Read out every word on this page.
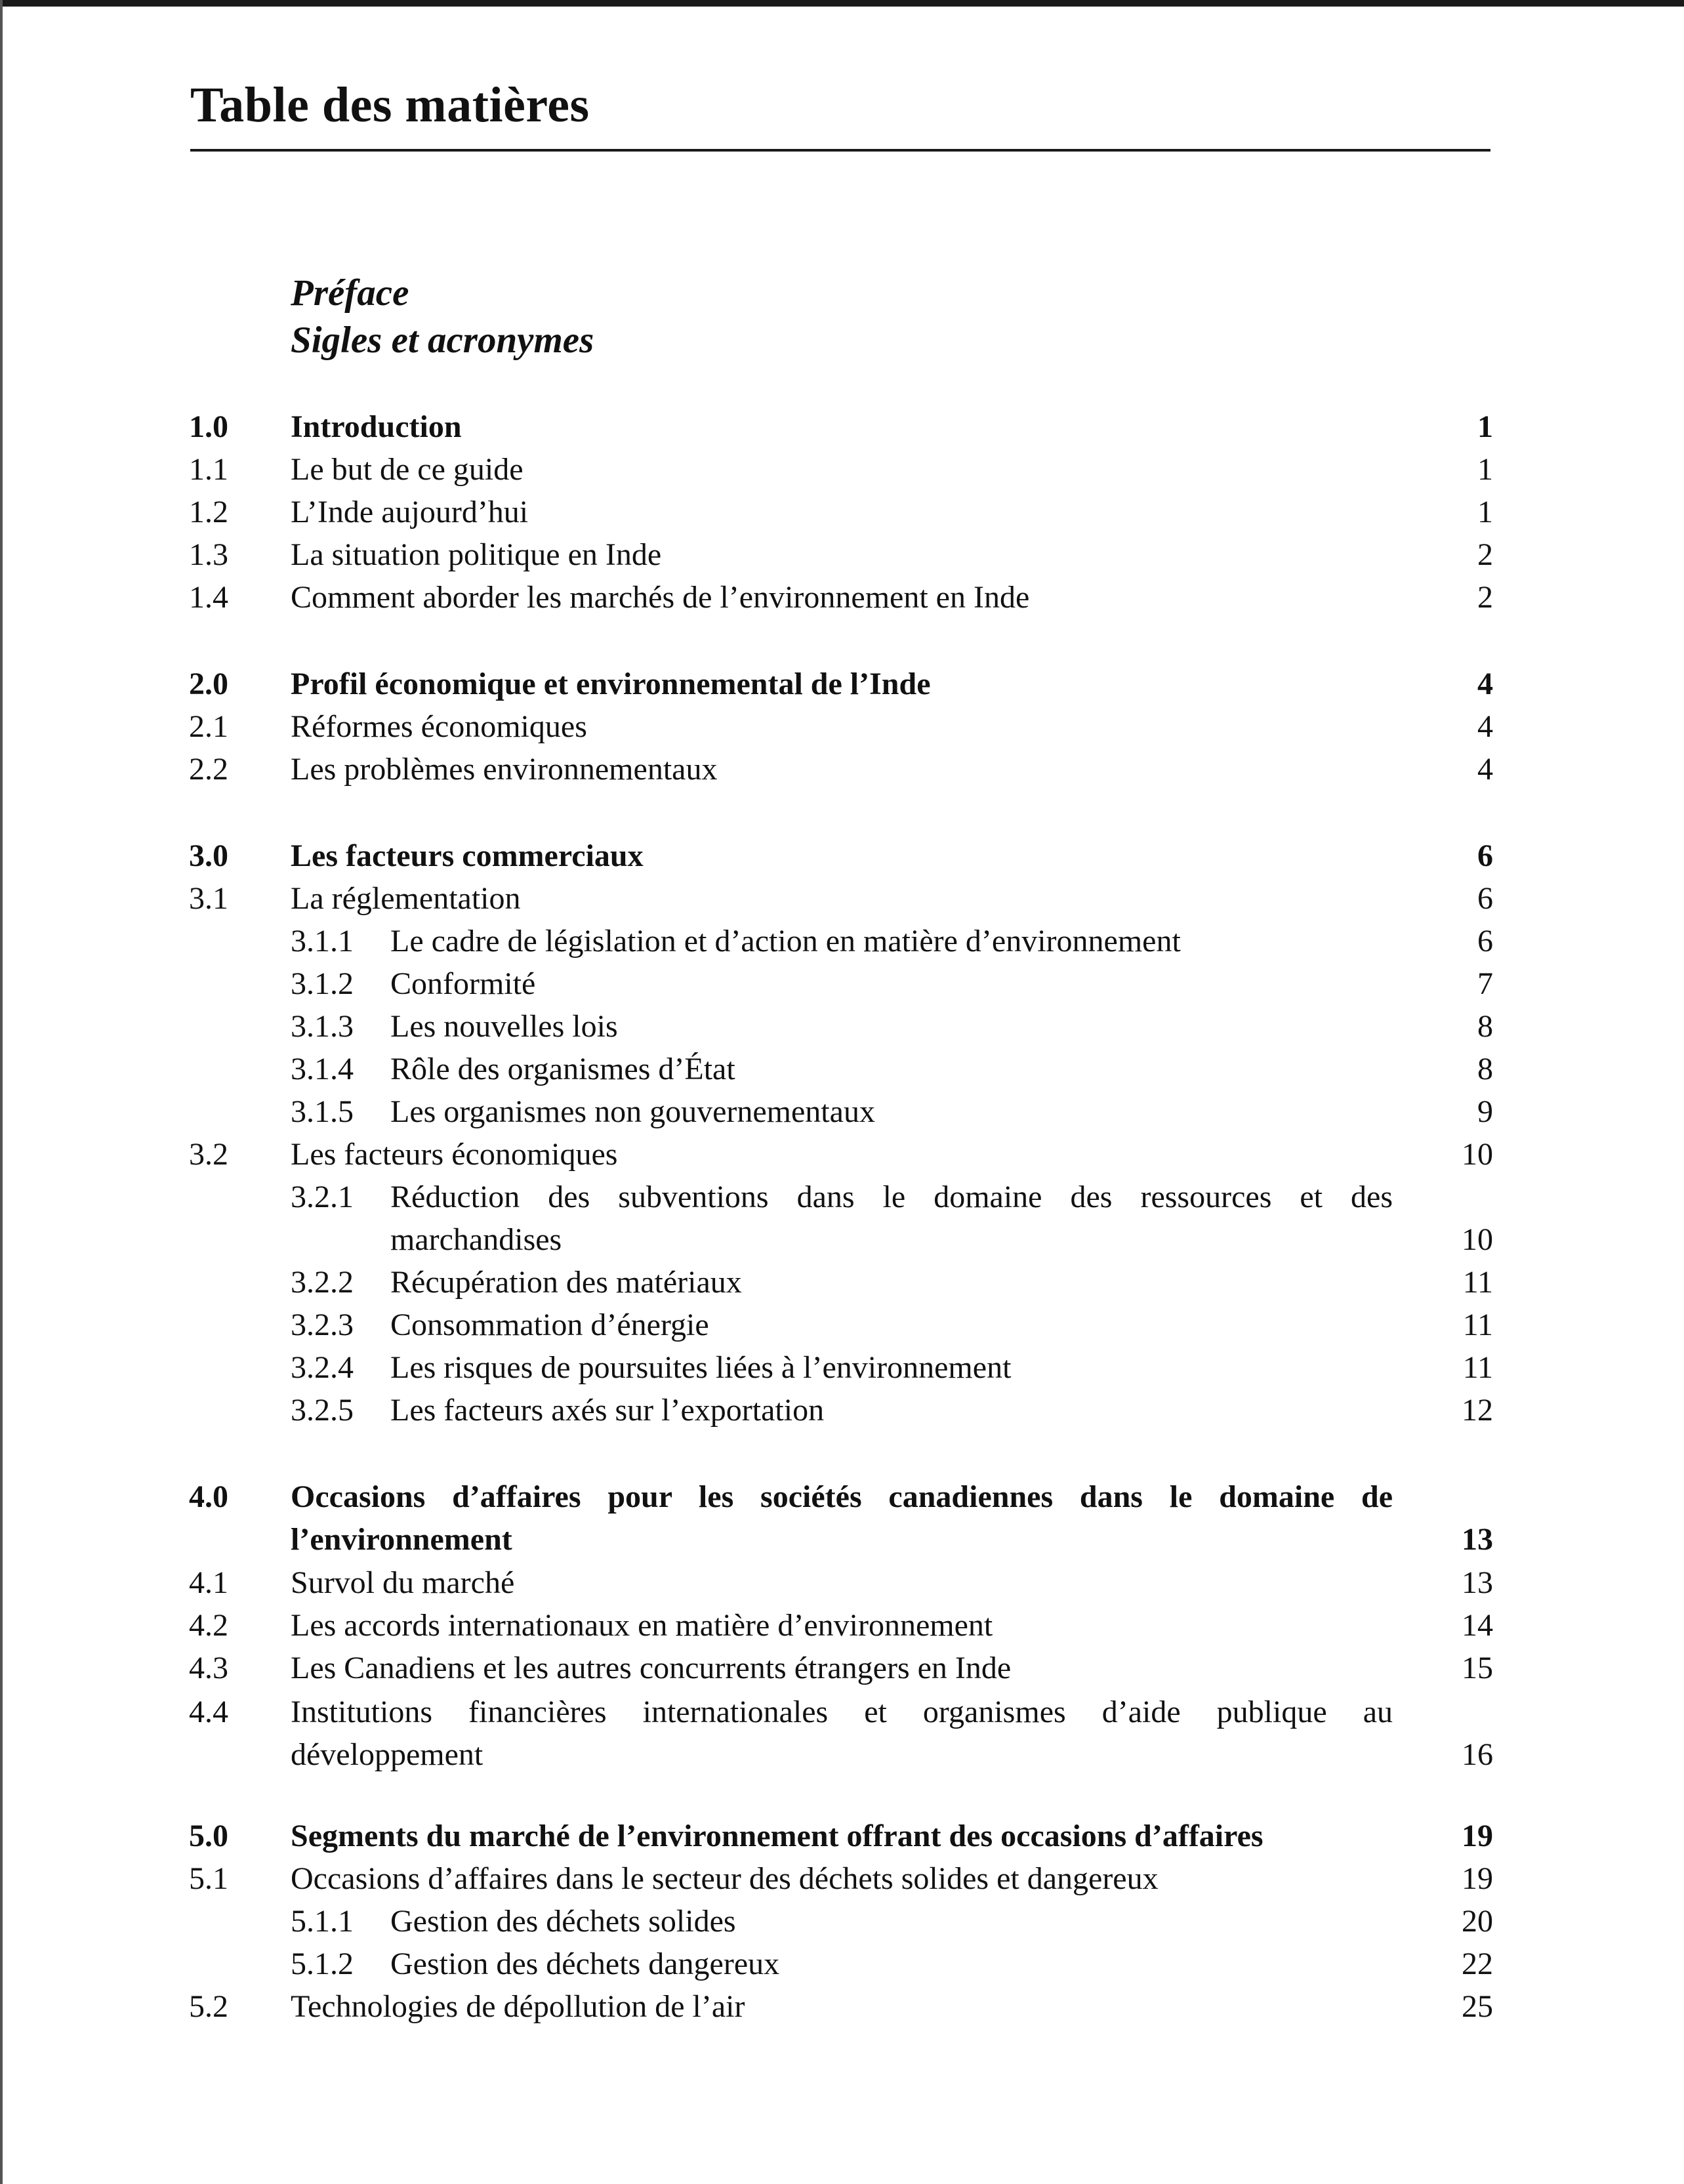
Table des matières
Préface
Sigles et acronymes
1.0 Introduction	1
1.1 Le but de ce guide	1
1.2 L’Inde aujourd’hui	1
1.3 La situation politique en Inde	2
1.4 Comment aborder les marchés de l’environnement en Inde	2
2.0 Profil économique et environnemental de l’Inde	4
2.1 Réformes économiques	4
2.2 Les problèmes environnementaux	4
3.0 Les facteurs commerciaux	6
3.1 La réglementation	6
3.1.1 Le cadre de législation et d’action en matière d’environnement	6
3.1.2 Conformité	7
3.1.3 Les nouvelles lois	8
3.1.4 Rôle des organismes d’État	8
3.1.5 Les organismes non gouvernementaux	9
3.2 Les facteurs économiques	10
3.2.1 Réduction des subventions dans le domaine des ressources et des
marchandises	10
3.2.2 Récupération des matériaux	11
3.2.3 Consommation d’énergie	11
3.2.4 Les risques de poursuites liées à l’environnement	11
3.2.5 Les facteurs axés sur l’exportation	12
4.0 Occasions d’affaires pour les sociétés canadiennes dans le domaine de
l’environnement	13
4.1 Survol du marché	13
4.2 Les accords internationaux en matière d’environnement	14
4.3 Les Canadiens et les autres concurrents étrangers en Inde	15
4.4 Institutions financières internationales et organismes d’aide publique au
développement	16
5.0 Segments du marché de l’environnement offrant des occasions d’affaires	19
5.1 Occasions d’affaires dans le secteur des déchets solides et dangereux	19
5.1.1 Gestion des déchets solides	20
5.1.2 Gestion des déchets dangereux	22
5.2 Technologies de dépollution de l’air	25
